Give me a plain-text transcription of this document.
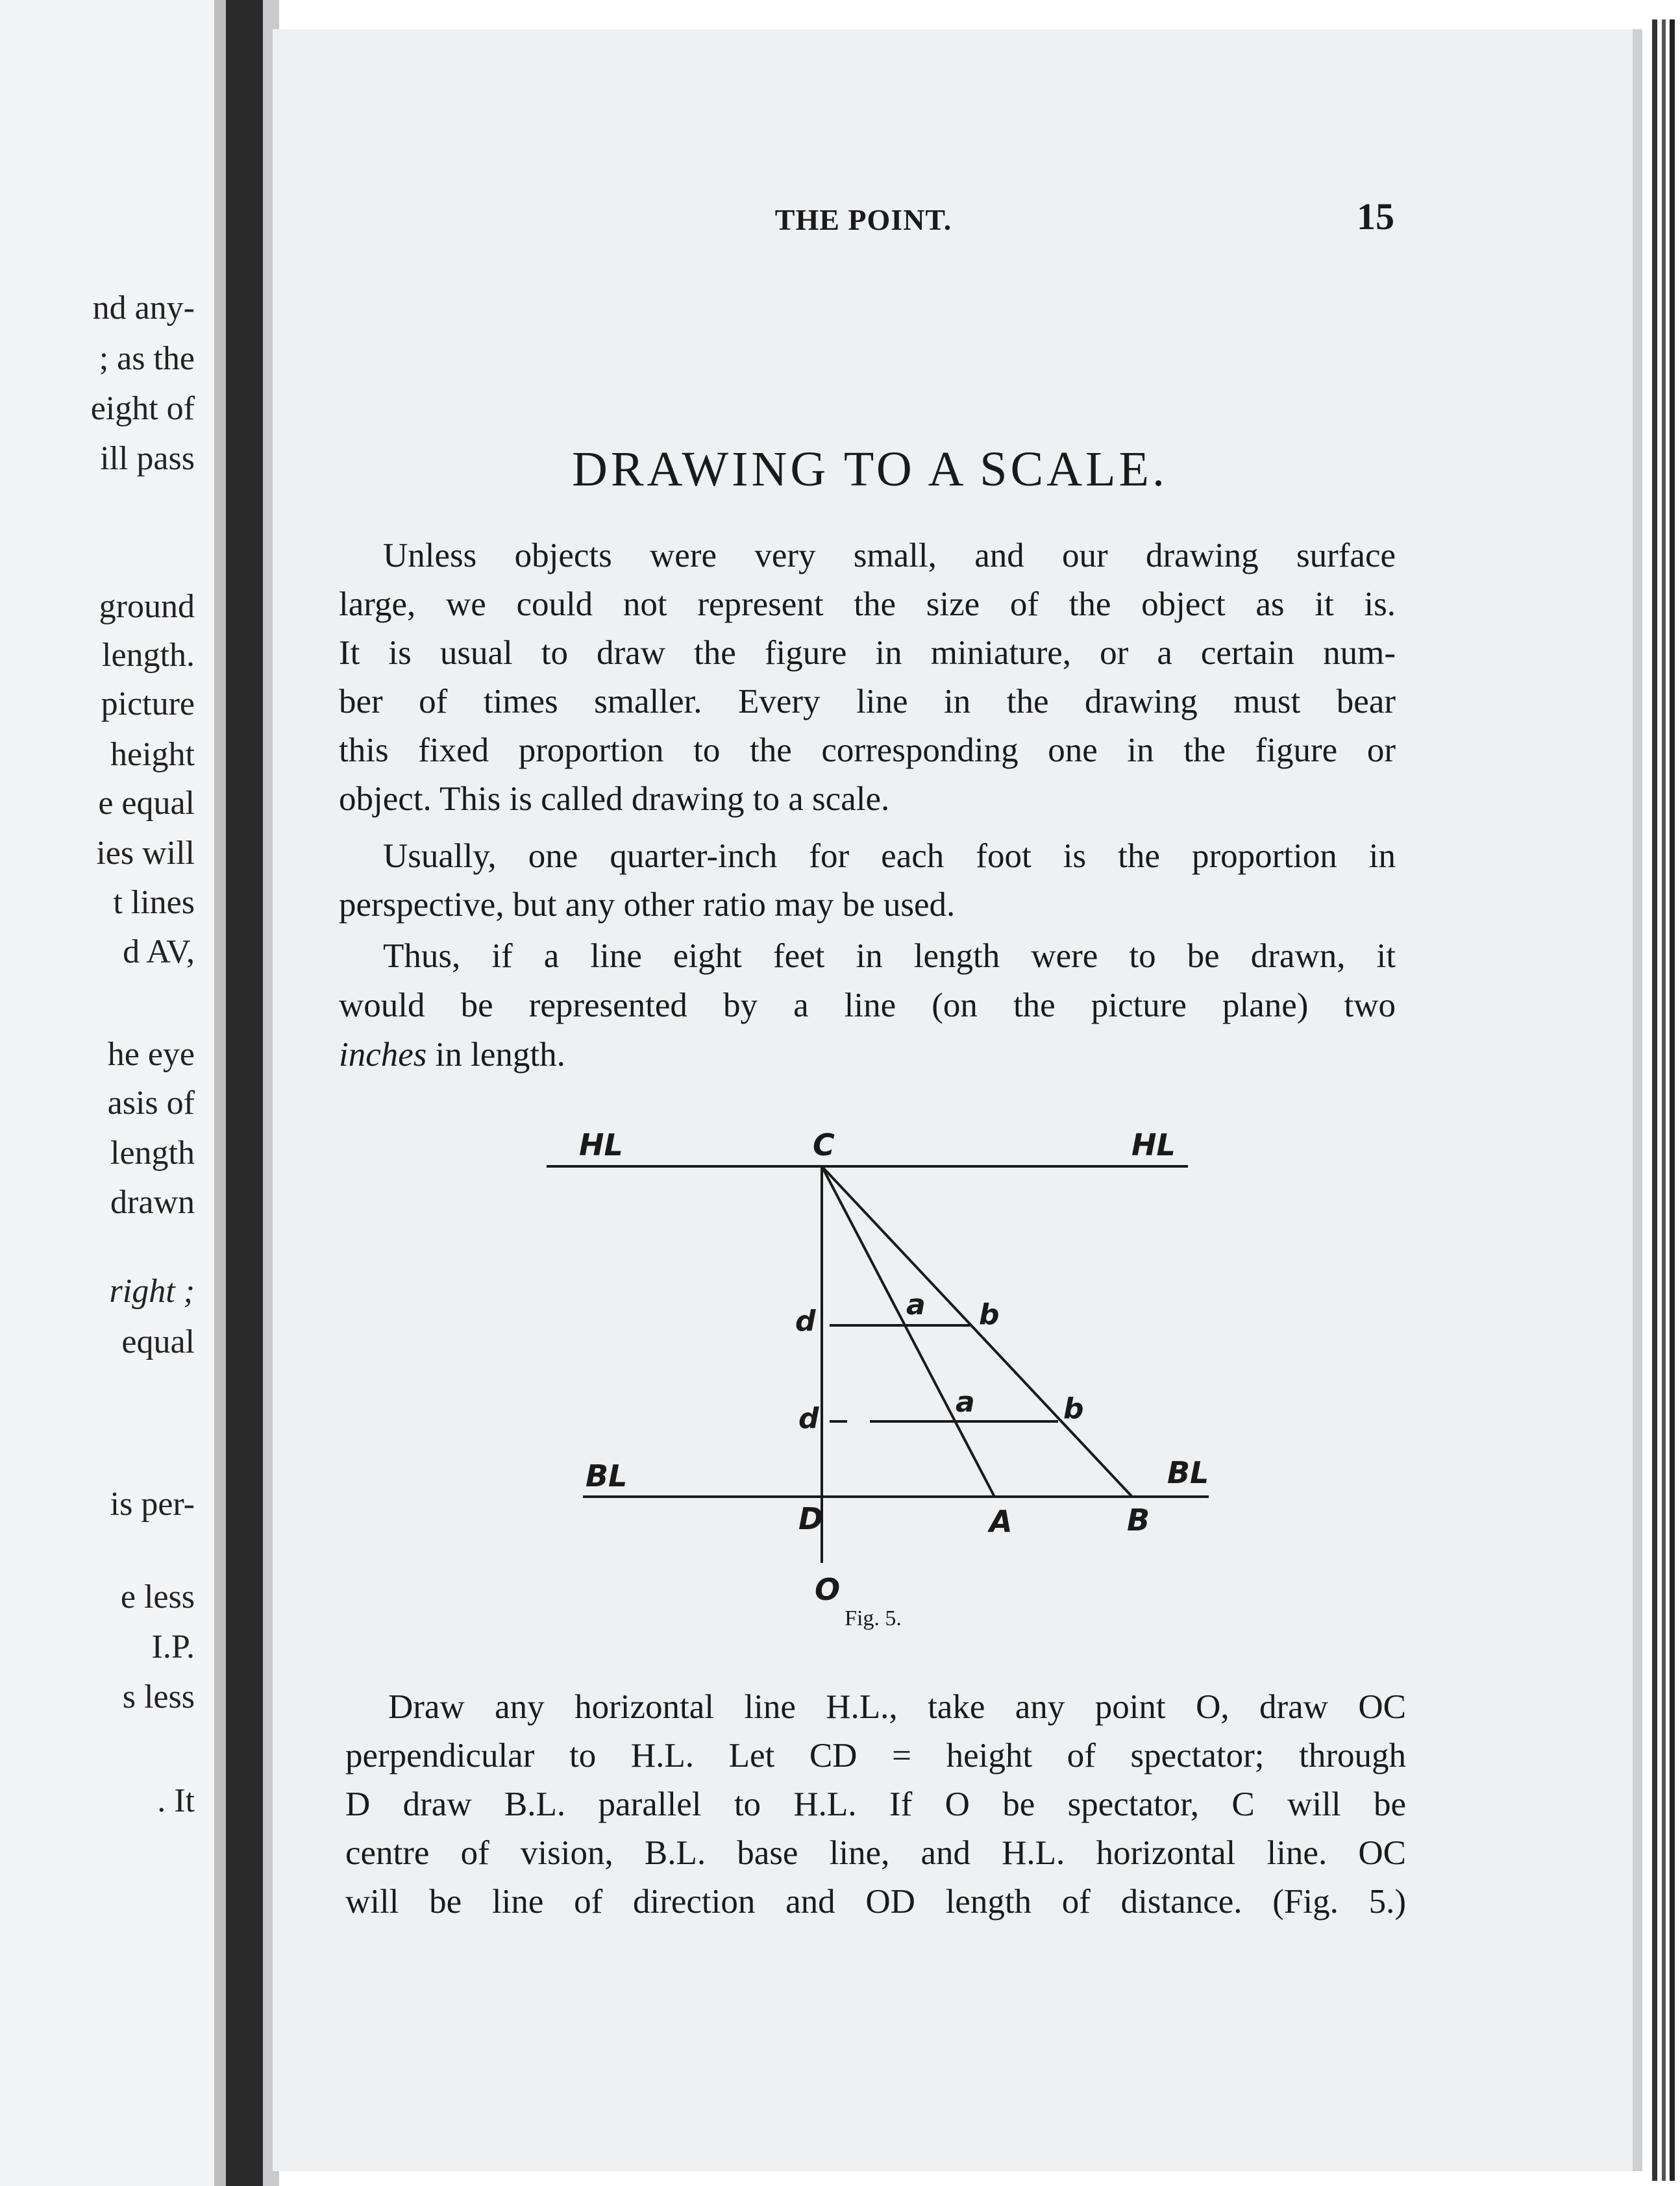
nd any-
; as the
eight of
ill pass
ground
length.
picture
height
e equal
ies will
t lines
d AV,
he eye
asis of
length
drawn
right ;
equal
is per-
e less
I.P.
s less
. It
THE POINT.	15
DRAWING TO A SCALE.
Unless objects were very small, and our drawing surface
large, we could not represent the size of the object as it is.
It is usual to draw the figure in miniature, or a certain num-
ber of times smaller. Every line in the drawing must bear
this fixed proportion to the corresponding one in the figure or
object. This is called drawing to a scale.
Usually, one quarter-inch for each foot is the proportion in
perspective, but any other ratio may be used.
Thus, if a line eight feet in length were to be drawn, it
would be represented by a line (on the picture plane) two
inches in length.
HL	C	HL
d	a b
d	a	b
BL	BL
D	A	B
O
Fig. 5.
Draw any horizontal line H.L., take any point O, draw OC
perpendicular to H.L. Let CD = height of spectator; through
D draw B.L. parallel to H.L. If O be spectator, C will be
centre of vision, B.L. base line, and H.L. horizontal line. OC
will be line of direction and OD length of distance. (Fig. 5.)
